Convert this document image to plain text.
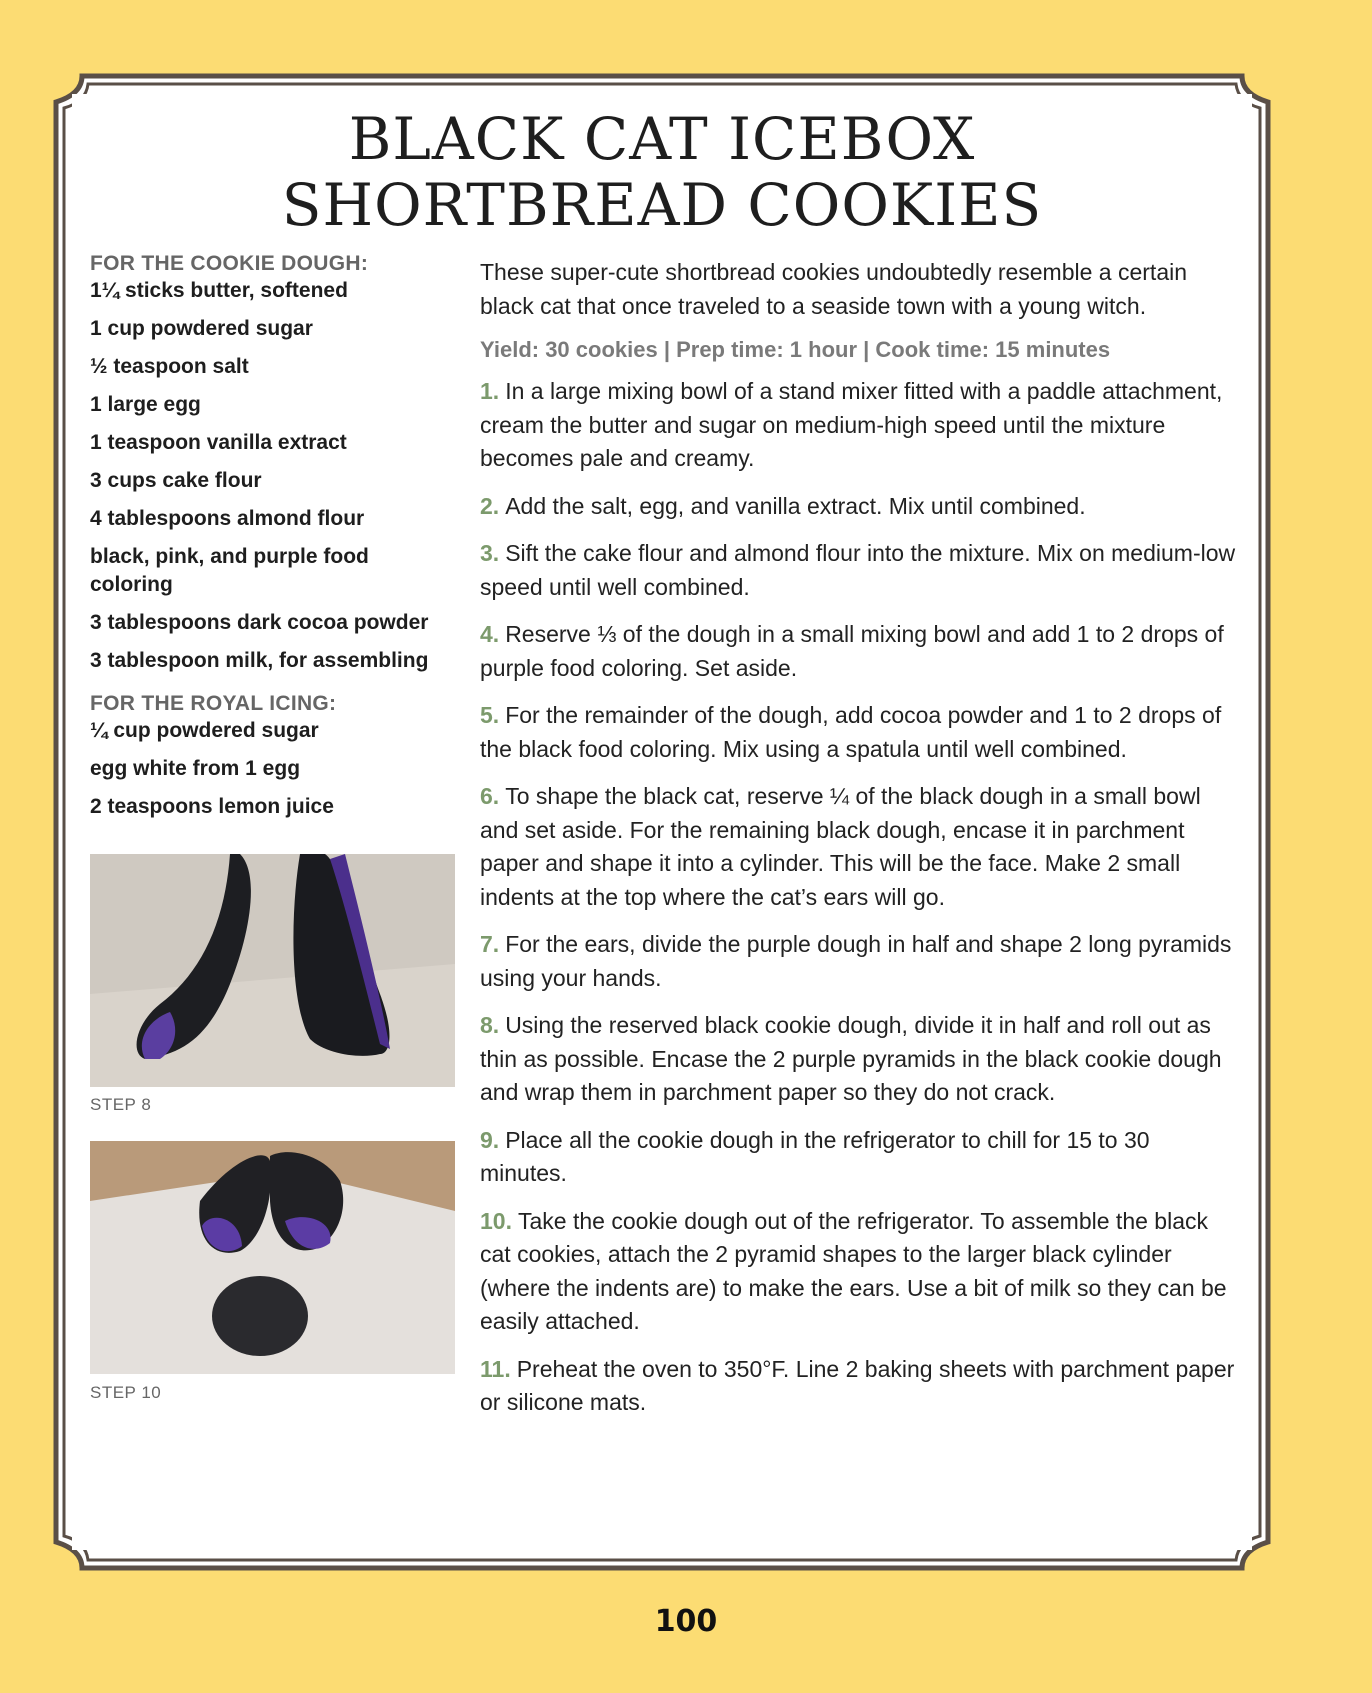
BLACK CAT ICEBOX
SHORTBREAD COOKIES
FOR THE COOKIE DOUGH:
1¼ sticks butter, softened
1 cup powdered sugar
½ teaspoon salt
1 large egg
1 teaspoon vanilla extract
3 cups cake flour
4 tablespoons almond flour
black, pink, and purple food coloring
3 tablespoons dark cocoa powder
3 tablespoon milk, for assembling
FOR THE ROYAL ICING:
¼ cup powdered sugar
egg white from 1 egg
2 teaspoons lemon juice
STEP 8
STEP 10

These super-cute shortbread cookies undoubtedly resemble a certain black cat that once traveled to a seaside town with a young witch.

Yield: 30 cookies | Prep time: 1 hour | Cook time: 15 minutes

1. In a large mixing bowl of a stand mixer fitted with a paddle attachment, cream the butter and sugar on medium-high speed until the mixture becomes pale and creamy.
2. Add the salt, egg, and vanilla extract. Mix until combined.
3. Sift the cake flour and almond flour into the mixture. Mix on medium-low speed until well combined.
4. Reserve ⅓ of the dough in a small mixing bowl and add 1 to 2 drops of purple food coloring. Set aside.
5. For the remainder of the dough, add cocoa powder and 1 to 2 drops of the black food coloring. Mix using a spatula until well combined.
6. To shape the black cat, reserve ¼ of the black dough in a small bowl and set aside. For the remaining black dough, encase it in parchment paper and shape it into a cylinder. This will be the face. Make 2 small indents at the top where the cat’s ears will go.
7. For the ears, divide the purple dough in half and shape 2 long pyramids using your hands.
8. Using the reserved black cookie dough, divide it in half and roll out as thin as possible. Encase the 2 purple pyramids in the black cookie dough and wrap them in parchment paper so they do not crack.
9. Place all the cookie dough in the refrigerator to chill for 15 to 30 minutes.
10. Take the cookie dough out of the refrigerator. To assemble the black cat cookies, attach the 2 pyramid shapes to the larger black cylinder (where the indents are) to make the ears. Use a bit of milk so they can be easily attached.
11. Preheat the oven to 350°F. Line 2 baking sheets with parchment paper or silicone mats.
100
